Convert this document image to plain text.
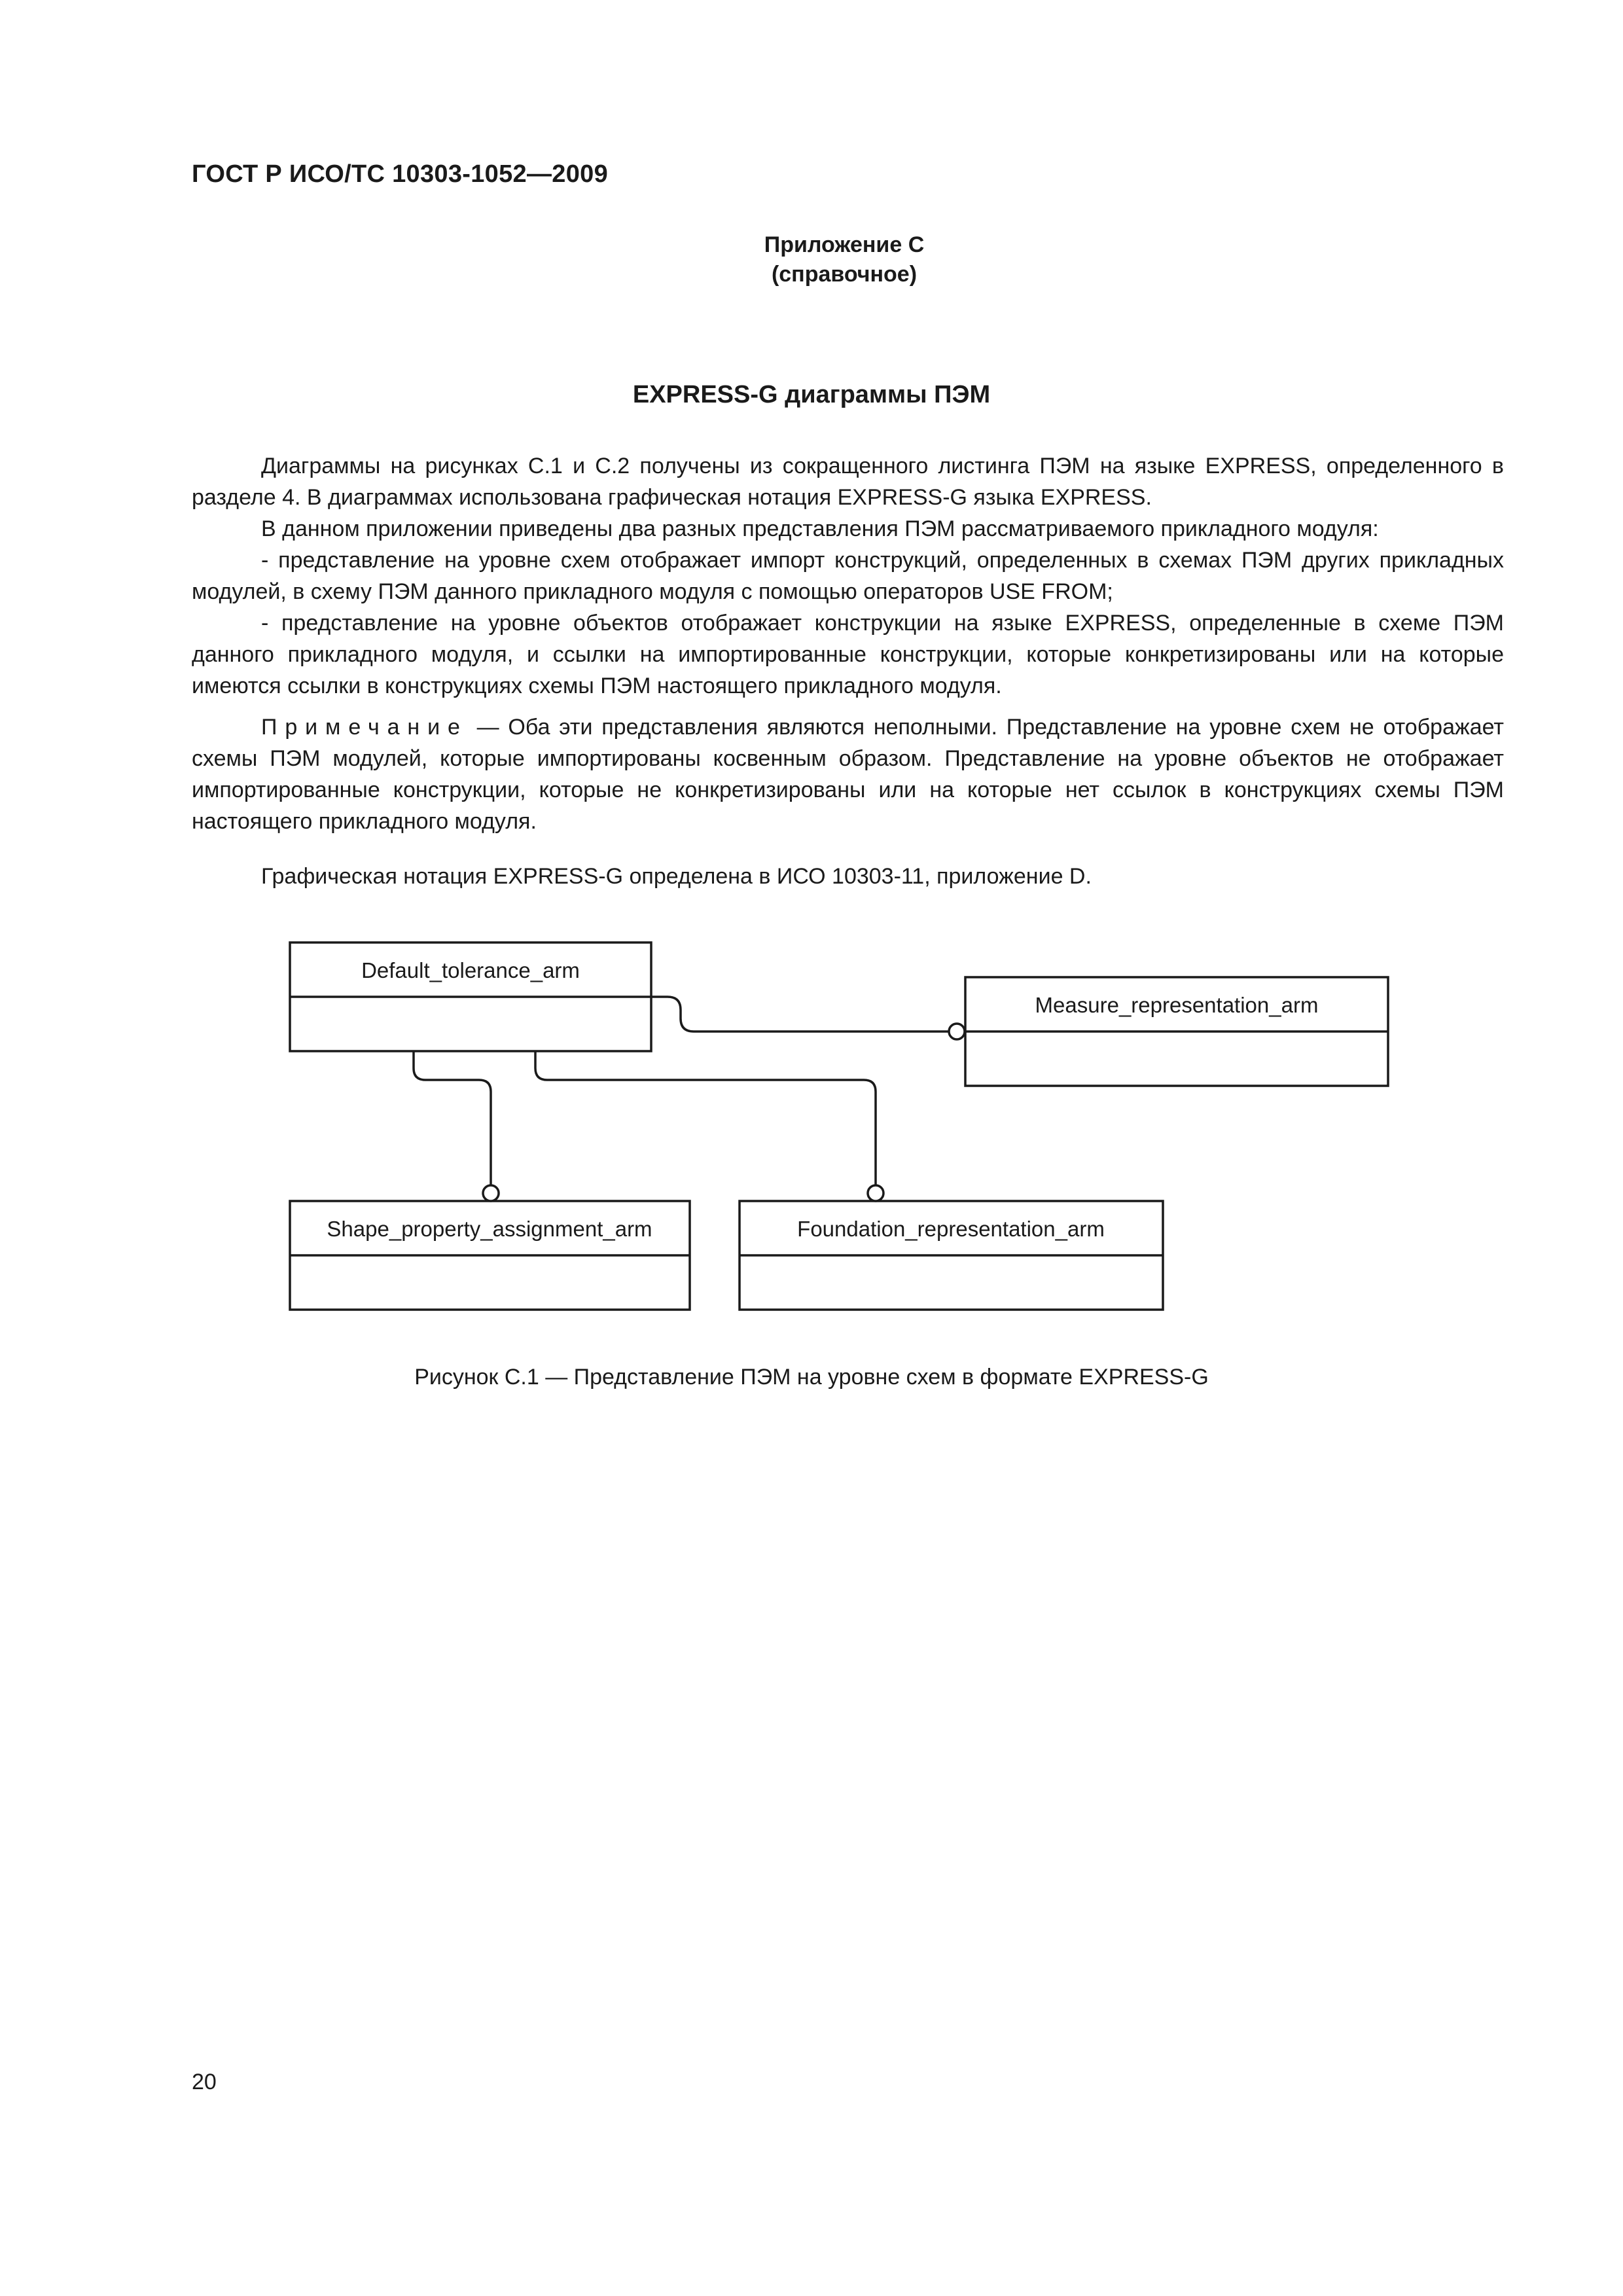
ГОСТ Р ИСО/ТС 10303-1052—2009
Приложение С
(справочное)
EXPRESS-G диаграммы ПЭМ

Диаграммы на рисунках С.1 и С.2 получены из сокращенного листинга ПЭМ на языке EXPRESS, определенного в разделе 4. В диаграммах использована графическая нотация EXPRESS-G языка EXPRESS.

В данном приложении приведены два разных представления ПЭМ рассматриваемого прикладного модуля:

- представление на уровне схем отображает импорт конструкций, определенных в схемах ПЭМ других прикладных модулей, в схему ПЭМ данного прикладного модуля с помощью операторов USE FROM;

- представление на уровне объектов отображает конструкции на языке EXPRESS, определенные в схеме ПЭМ данного прикладного модуля, и ссылки на импортированные конструкции, которые конкретизированы или на которые имеются ссылки в конструкциях схемы ПЭМ настоящего прикладного модуля.

Примечание — Оба эти представления являются неполными. Представление на уровне схем не отображает схемы ПЭМ модулей, которые импортированы косвенным образом. Представление на уровне объектов не отображает импортированные конструкции, которые не конкретизированы или на которые нет ссылок в конструкциях схемы ПЭМ настоящего прикладного модуля.

Графическая нотация EXPRESS-G определена в ИСО 10303-11, приложение D.

Default_tolerance_arm
Measure_representation_arm
Shape_property_assignment_arm	Foundation_representation_arm
Рисунок С.1 — Представление ПЭМ на уровне схем в формате EXPRESS-G
20
